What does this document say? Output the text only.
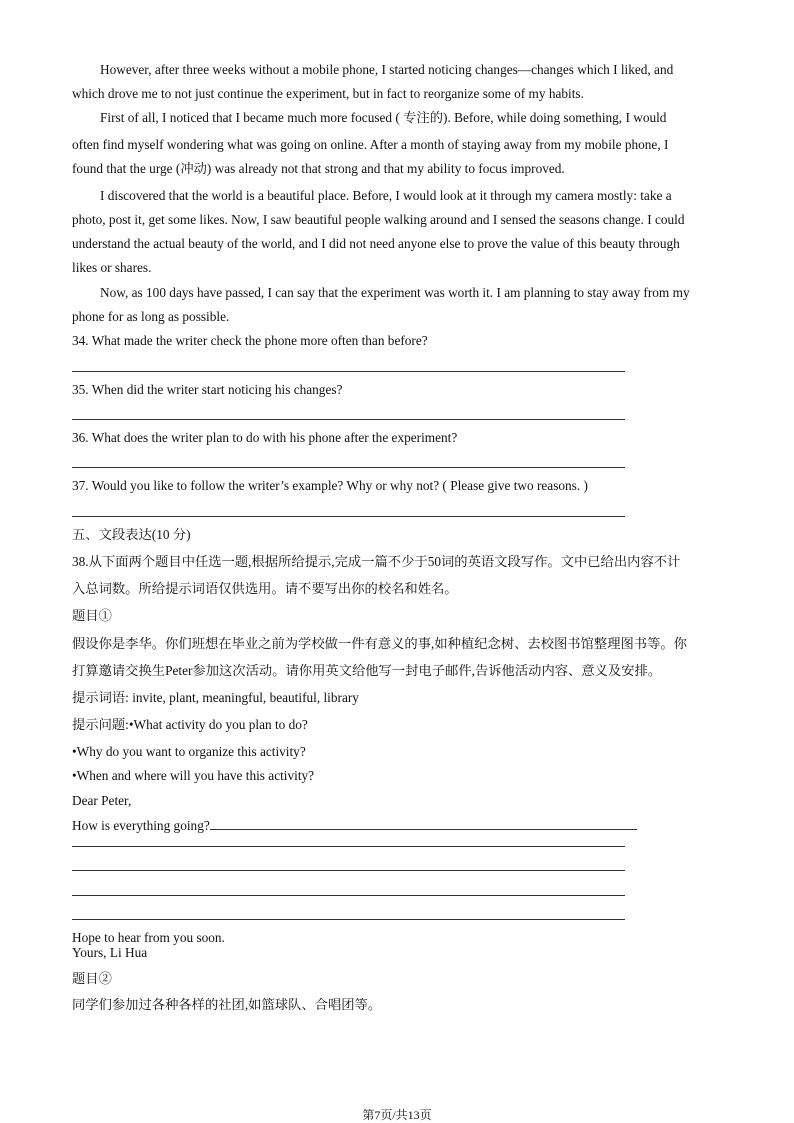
However, after three weeks without a mobile phone, I started noticing changes—changes which I liked, and
which drove me to not just continue the experiment, but in fact to reorganize some of my habits.
First of all, I noticed that I became much more focused ( 专注的). Before, while doing something, I would
often find myself wondering what was going on online. After a month of staying away from my mobile phone, I
found that the urge (冲动) was already not that strong and that my ability to focus improved.
I discovered that the world is a beautiful place. Before, I would look at it through my camera mostly: take a
photo, post it, get some likes. Now, I saw beautiful people walking around and I sensed the seasons change. I could
understand the actual beauty of the world, and I did not need anyone else to prove the value of this beauty through
likes or shares.
Now, as 100 days have passed, I can say that the experiment was worth it. I am planning to stay away from my
phone for as long as possible.
34. What made the writer check the phone more often than before?
35. When did the writer start noticing his changes?
36. What does the writer plan to do with his phone after the experiment?
37. Would you like to follow the writer’s example? Why or why not? ( Please give two reasons. )
五、文段表达(10 分)
38.从下面两个题目中任选一题,根据所给提示,完成一篇不少于50词的英语文段写作。文中已给出内容不计
入总词数。所给提示词语仅供选用。请不要写出你的校名和姓名。
题目①
假设你是李华。你们班想在毕业之前为学校做一件有意义的事,如种植纪念树、去校图书馆整理图书等。你
打算邀请交换生Peter参加这次活动。请你用英文给他写一封电子邮件,告诉他活动内容、意义及安排。
提示词语: invite, plant, meaningful, beautiful, library
提示问题:•What activity do you plan to do?
•Why do you want to organize this activity?
•When and where will you have this activity?
Dear Peter,
How is everything going?
Hope to hear from you soon.
Yours, Li Hua
题目②
同学们参加过各种各样的社团,如篮球队、合唱团等。
第7页/共13页
